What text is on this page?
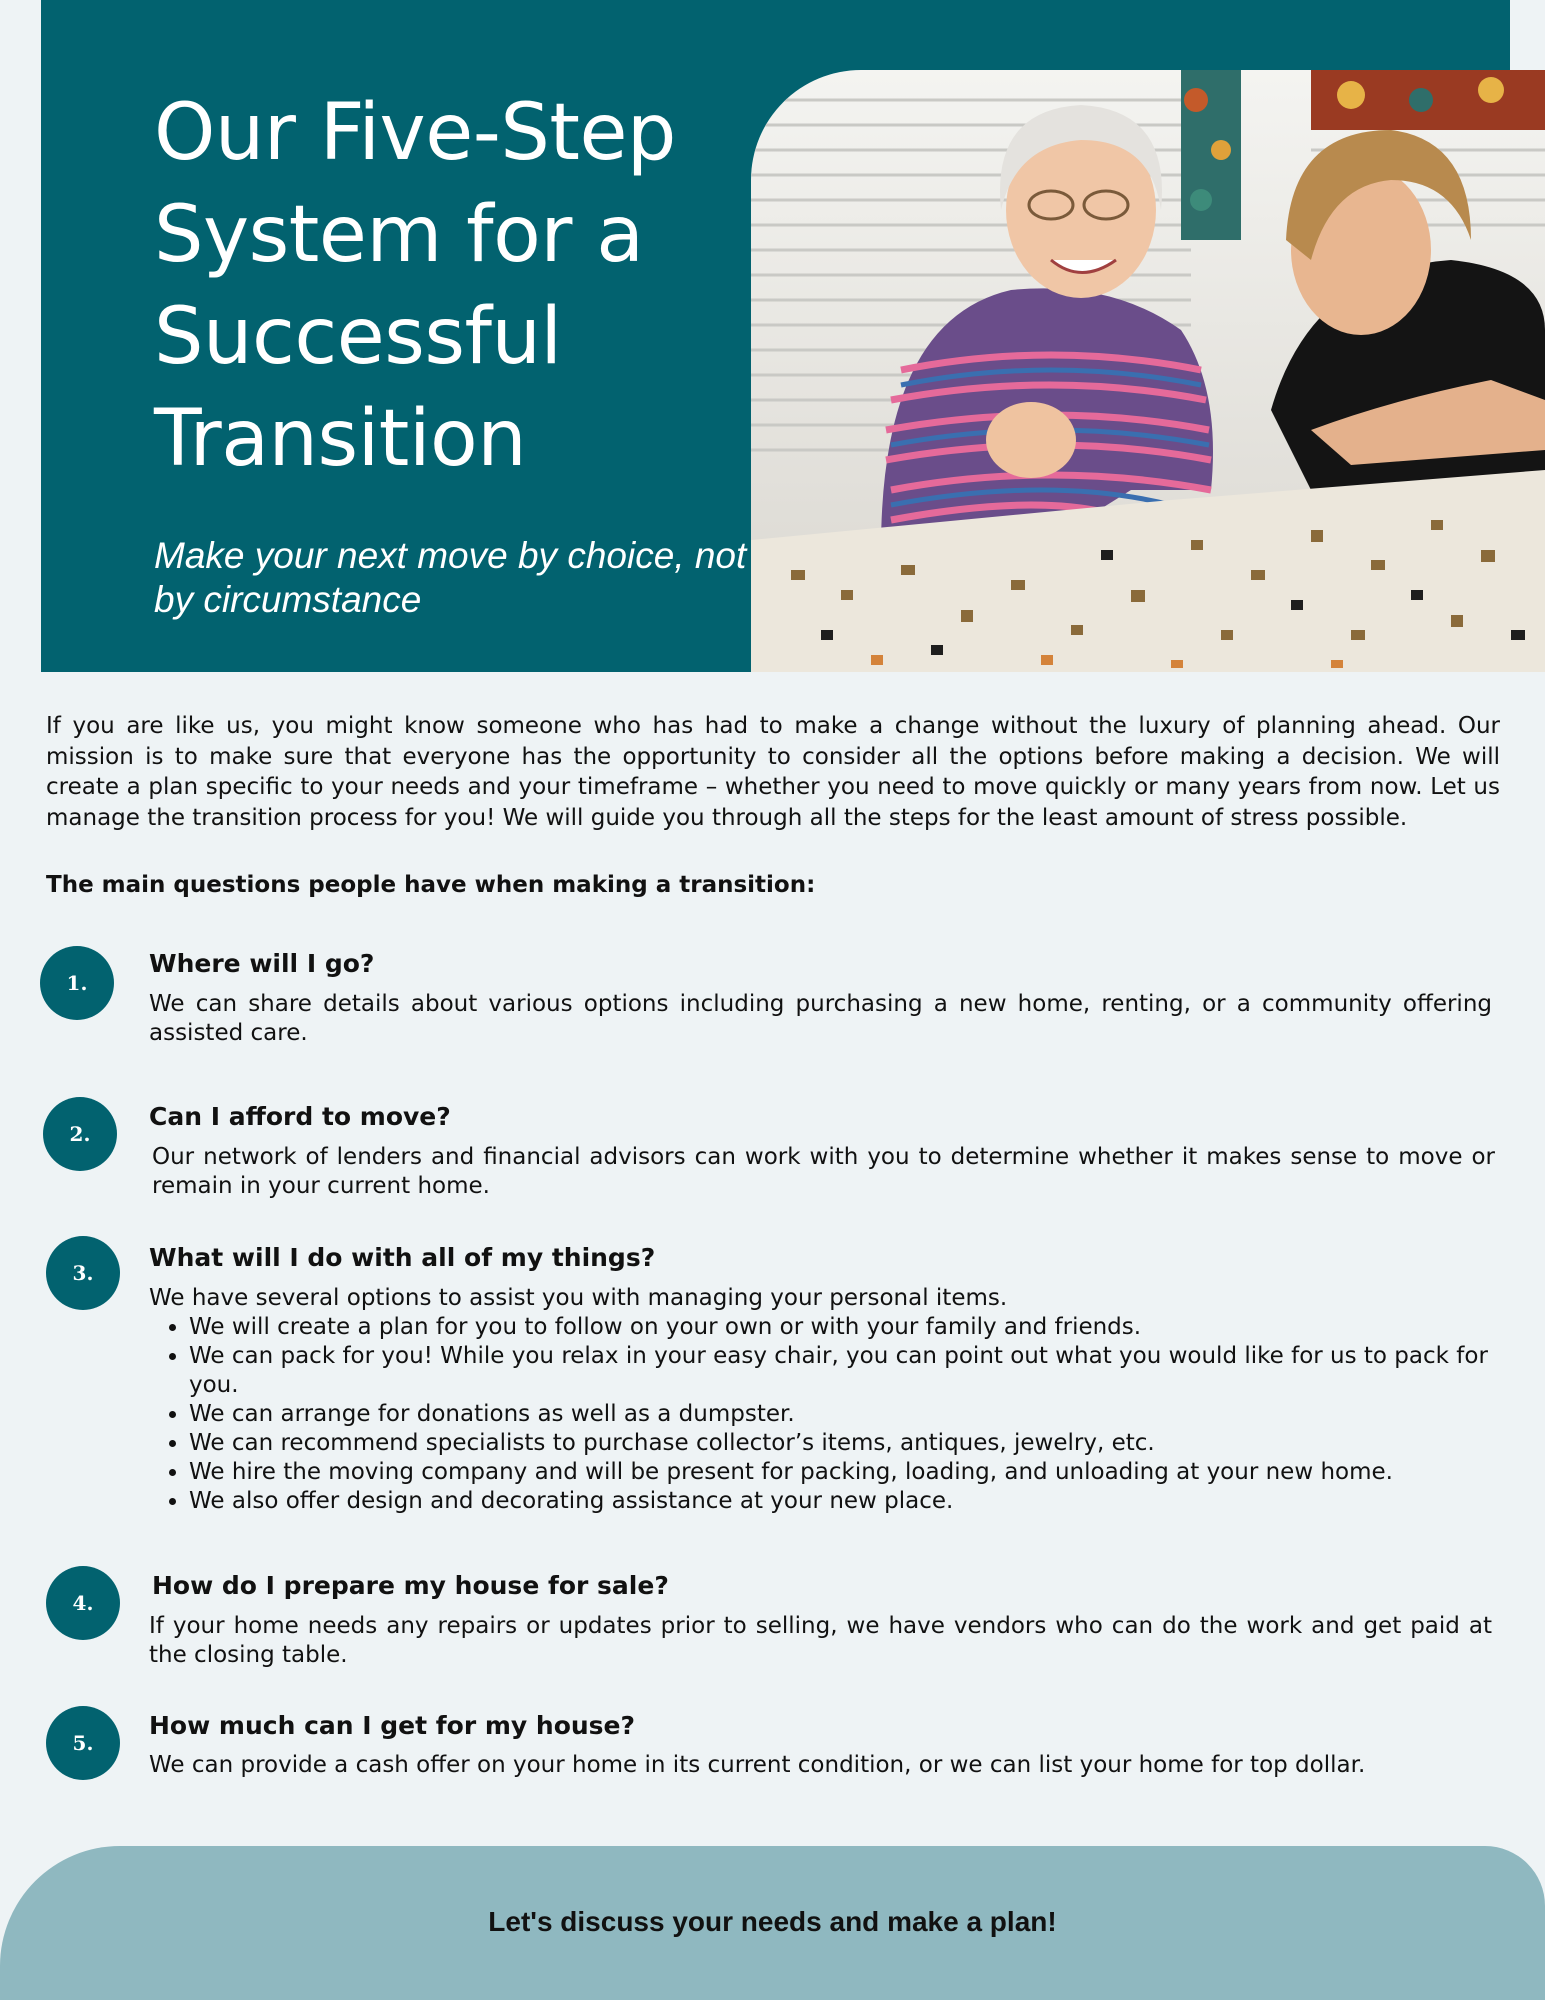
Our Five-Step System for a Successful Transition
Make your next move by choice, not by circumstance

If you are like us, you might know someone who has had to make a change without the luxury of planning ahead. Our mission is to make sure that everyone has the opportunity to consider all the options before making a decision. We will create a plan specific to your needs and your timeframe – whether you need to move quickly or many years from now. Let us manage the transition process for you! We will guide you through all the steps for the least amount of stress possible.

The main questions people have when making a transition:
1.
Where will I go?
We can share details about various options including purchasing a new home, renting, or a community offering assisted care.
2.
Can I afford to move?
Our network of lenders and financial advisors can work with you to determine whether it makes sense to move or remain in your current home.
3.
What will I do with all of my things?
We have several options to assist you with managing your personal items.
• We will create a plan for you to follow on your own or with your family and friends.
• We can pack for you! While you relax in your easy chair, you can point out what you would like for us to pack for you.
• We can arrange for donations as well as a dumpster.
• We can recommend specialists to purchase collector’s items, antiques, jewelry, etc.
• We hire the moving company and will be present for packing, loading, and unloading at your new home.
• We also offer design and decorating assistance at your new place.
4.
How do I prepare my house for sale?
If your home needs any repairs or updates prior to selling, we have vendors who can do the work and get paid at the closing table.
5.
How much can I get for my house?
We can provide a cash offer on your home in its current condition, or we can list your home for top dollar.
Let's discuss your needs and make a plan!
